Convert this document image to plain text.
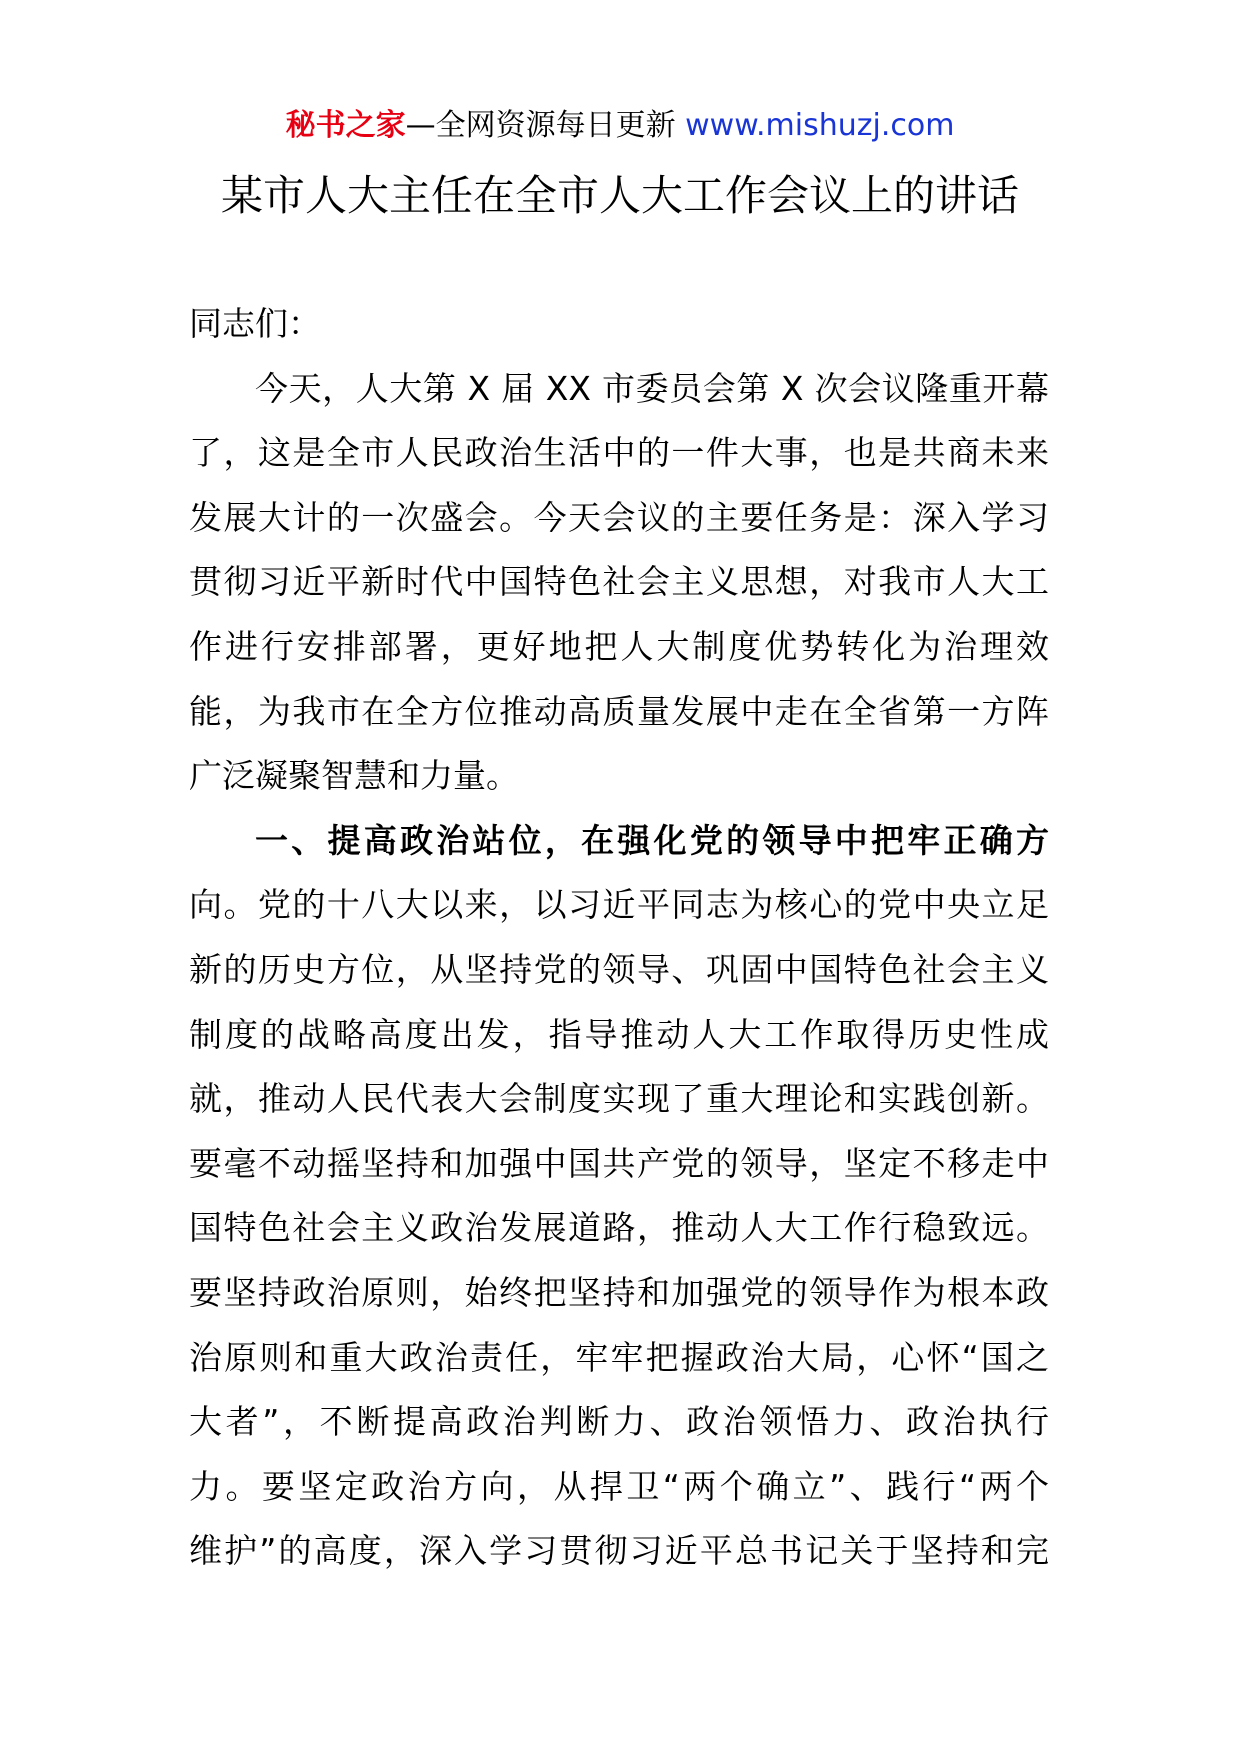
秘书之家—全网资源每日更新 www.mishuzj.com
某市人大主任在全市人大工作会议上的讲话
同志们：
今天，人大第 X 届 XX 市委员会第 X 次会议隆重开幕
了，这是全市人民政治生活中的一件大事，也是共商未来
发展大计的一次盛会。今天会议的主要任务是：深入学习
贯彻习近平新时代中国特色社会主义思想，对我市人大工
作进行安排部署，更好地把人大制度优势转化为治理效
能，为我市在全方位推动高质量发展中走在全省第一方阵
广泛凝聚智慧和力量。
一、提高政治站位，在强化党的领导中把牢正确方
向。党的十八大以来，以习近平同志为核心的党中央立足
新的历史方位，从坚持党的领导、巩固中国特色社会主义
制度的战略高度出发，指导推动人大工作取得历史性成
就，推动人民代表大会制度实现了重大理论和实践创新。
要毫不动摇坚持和加强中国共产党的领导，坚定不移走中
国特色社会主义政治发展道路，推动人大工作行稳致远。
要坚持政治原则，始终把坚持和加强党的领导作为根本政
治原则和重大政治责任，牢牢把握政治大局，心怀“国之
大者”，不断提高政治判断力、政治领悟力、政治执行
力。要坚定政治方向，从捍卫“两个确立”、践行“两个
维护”的高度，深入学习贯彻习近平总书记关于坚持和完
